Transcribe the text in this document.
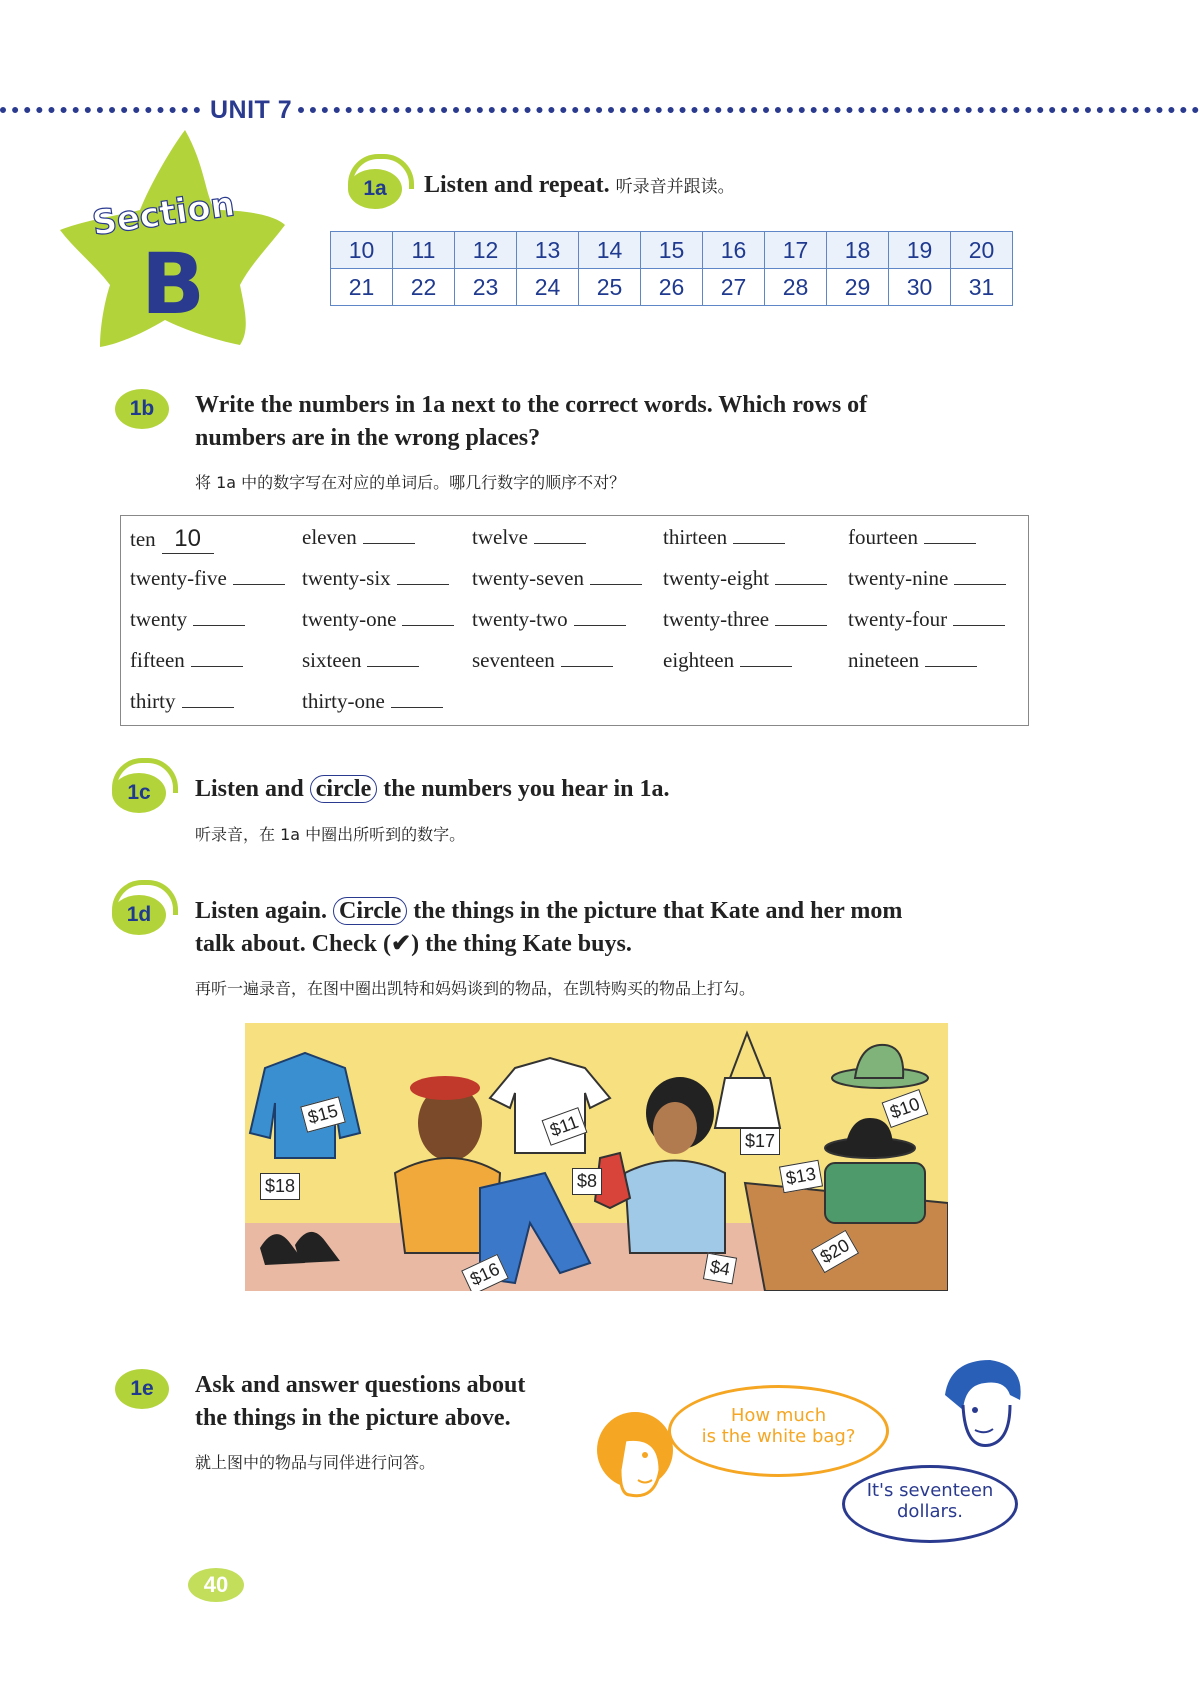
UNIT 7
Section
B
1a	Listen and repeat. 听录音并跟读。
10	11	12	13	14	15	16	17	18	19	20
21	22	23	24	25	26	27	28	29	30	31
1b	Write the numbers in 1a next to the correct words. Which rows of
numbers are in the wrong places?
将 1a 中的数字写在对应的单词后。哪几行数字的顺序不对？
ten 10	eleven	twelve	thirteen	fourteen
twenty-five	twenty-six	twenty-seven	twenty-eight	twenty-nine
twenty	twenty-one	twenty-two	twenty-three	twenty-four
fifteen	sixteen	seventeen	eighteen	nineteen
thirty	thirty-one
1c	Listen and circle the numbers you hear in 1a.
听录音，在 1a 中圈出所听到的数字。
1d	Listen again. Circle the things in the picture that Kate and her mom
talk about. Check (✔) the thing Kate buys.
再听一遍录音，在图中圈出凯特和妈妈谈到的物品，在凯特购买的物品上打勾。
$15	$11
$17
$10
$13
$18	$8
$16	$4
$20
1e	Ask and answer questions about
the things in the picture above.
就上图中的物品与同伴进行问答。
How much
is the white bag?
It's seventeen
dollars.
40
